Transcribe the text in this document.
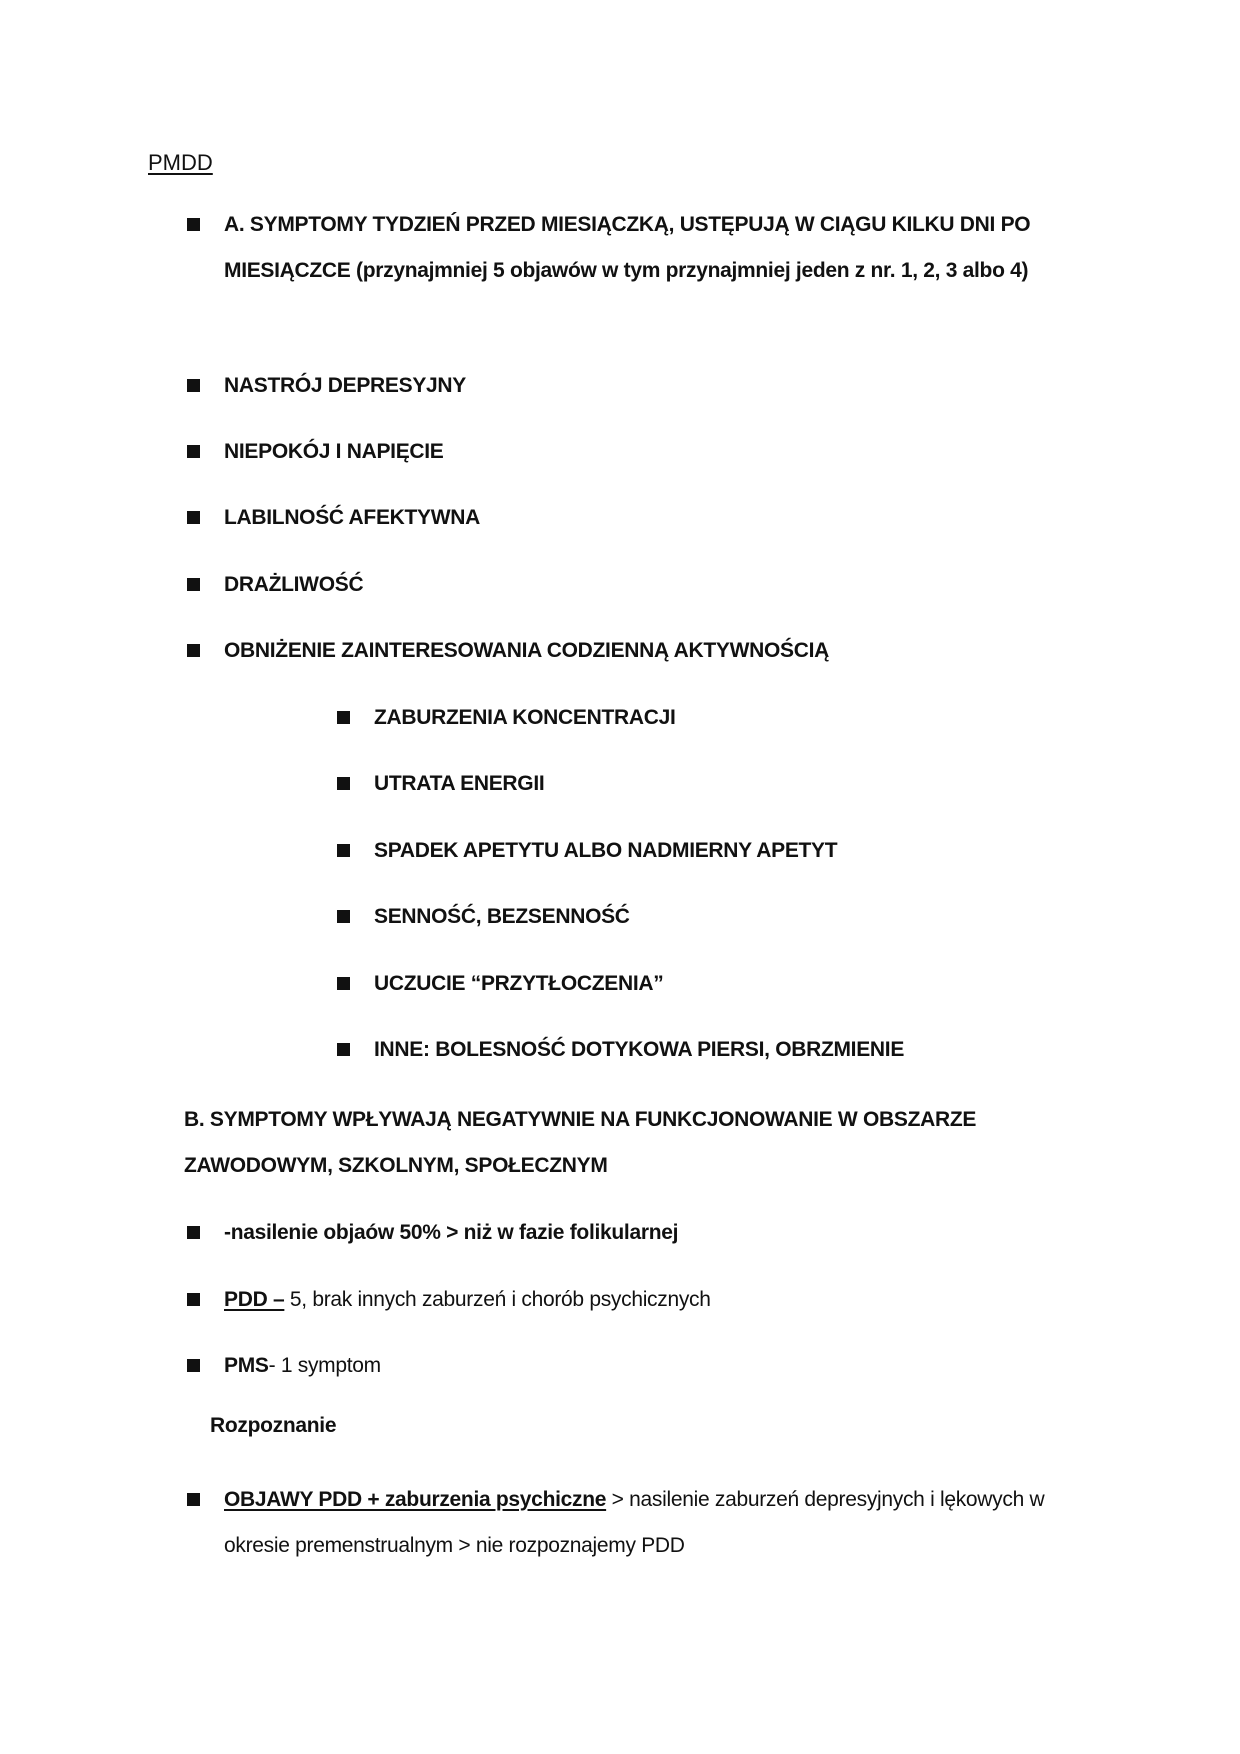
PMDD
A. SYMPTOMY TYDZIEŃ PRZED MIESIĄCZKĄ, USTĘPUJĄ W CIĄGU KILKU DNI PO MIESIĄCZCE (przynajmniej 5 objawów w tym przynajmniej jeden z nr. 1, 2, 3 albo 4)
NASTRÓJ DEPRESYJNY
NIEPOKÓJ I NAPIĘCIE
LABILNOŚĆ AFEKTYWNA
DRAŻLIWOŚĆ
OBNIŻENIE ZAINTERESOWANIA CODZIENNĄ AKTYWNOŚCIĄ
ZABURZENIA KONCENTRACJI
UTRATA ENERGII
SPADEK APETYTU ALBO NADMIERNY APETYT
SENNOŚĆ, BEZSENNOŚĆ
UCZUCIE “PRZYTŁOCZENIA”
INNE: BOLESNOŚĆ DOTYKOWA PIERSI, OBRZMIENIE
B. SYMPTOMY WPŁYWAJĄ NEGATYWNIE NA FUNKCJONOWANIE W OBSZARZE ZAWODOWYM, SZKOLNYM, SPOŁECZNYM
-nasilenie objaów 50% > niż w fazie folikularnej
PDD – 5, brak innych zaburzeń i chorób psychicznych
PMS- 1 symptom
Rozpoznanie
OBJAWY PDD + zaburzenia psychiczne > nasilenie zaburzeń depresyjnych i lękowych w okresie premenstrualnym > nie rozpoznajemy PDD
